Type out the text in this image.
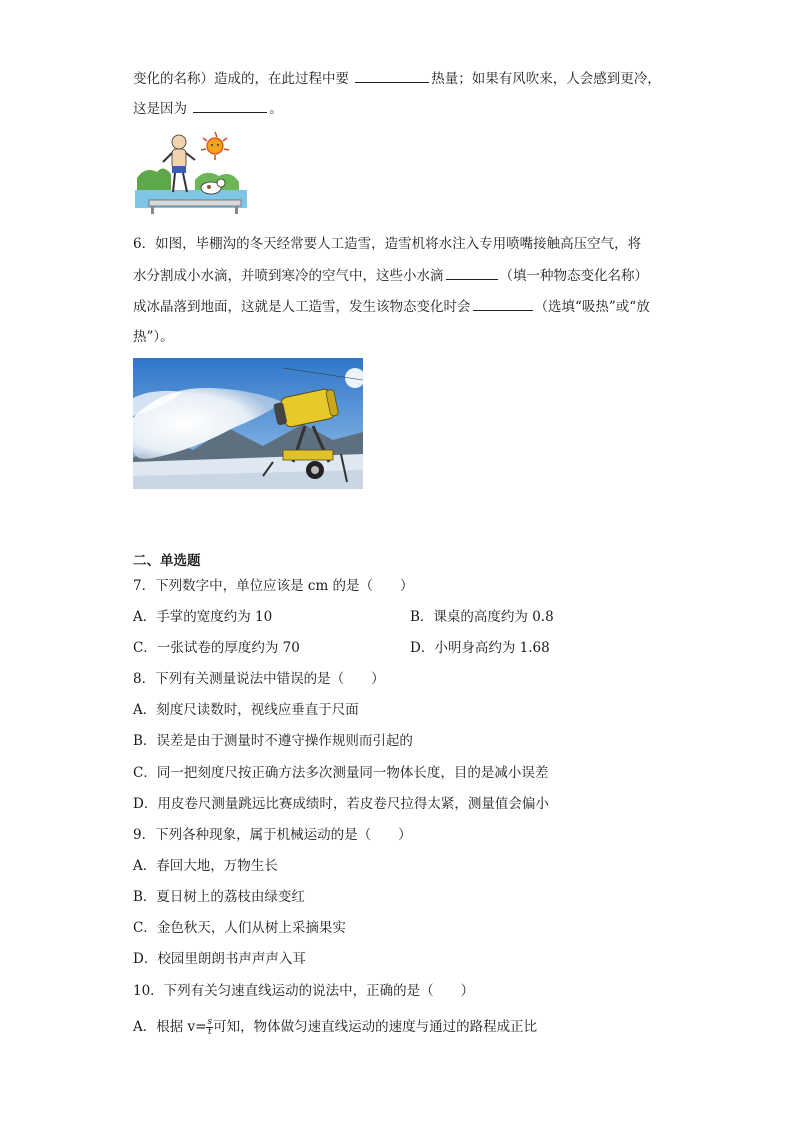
变化的名称）造成的，在此过程中要	热量；如果有风吹来，人会感到更冷，
这是因为	。
6．如图，毕棚沟的冬天经常要人工造雪，造雪机将水注入专用喷嘴接触高压空气，将
水分割成小水滴，并喷到寒冷的空气中，这些小水滴	（填一种物态变化名称）
成冰晶落到地面，这就是人工造雪，发生该物态变化时会	（选填“吸热”或“放
热”）。
二、单选题
7．下列数字中，单位应该是 cm 的是（　　）
A．手掌的宽度约为 10	B．课桌的高度约为 0.8
C．一张试卷的厚度约为 70	D．小明身高约为 1.68
8．下列有关测量说法中错误的是（　　）
A．刻度尺读数时，视线应垂直于尺面
B．误差是由于测量时不遵守操作规则而引起的
C．同一把刻度尺按正确方法多次测量同一物体长度，目的是减小误差
D．用皮卷尺测量跳远比赛成绩时，若皮卷尺拉得太紧，测量值会偏小
9．下列各种现象，属于机械运动的是（　　）
A．春回大地，万物生长
B．夏日树上的荔枝由绿变红
C．金色秋天，人们从树上采摘果实
D．校园里朗朗书声声声入耳
10．下列有关匀速直线运动的说法中，正确的是（　　）
A．根据 $v= \frac{s}{t}$ 可知，物体做匀速直线运动的速度与通过的路程成正比
